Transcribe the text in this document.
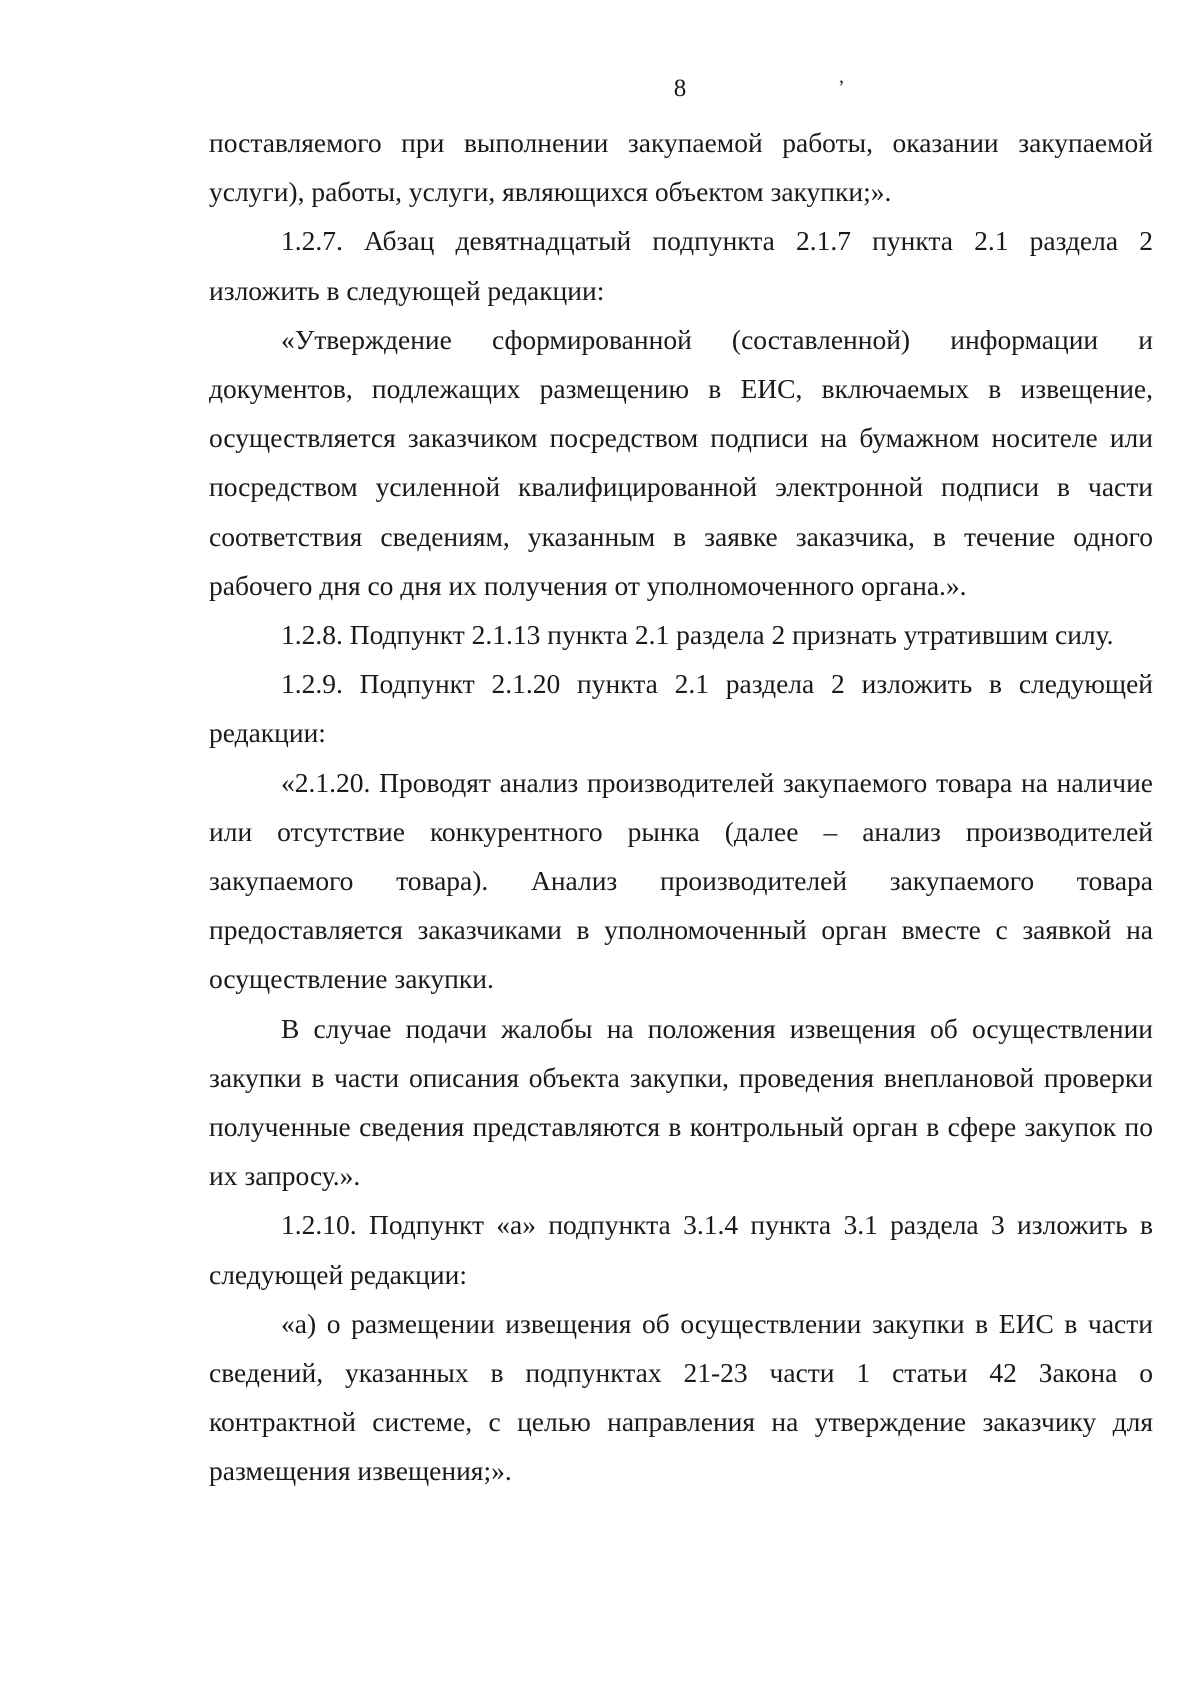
8	ʼ

поставляемого при выполнении закупаемой работы, оказании закупаемой услуги), работы, услуги, являющихся объектом закупки;».

1.2.7. Абзац девятнадцатый подпункта 2.1.7 пункта 2.1 раздела 2 изложить в следующей редакции:

«Утверждение сформированной (составленной) информации и документов, подлежащих размещению в ЕИС, включаемых в извещение, осуществляется заказчиком посредством подписи на бумажном носителе или посредством усиленной квалифицированной электронной подписи в части соответствия сведениям, указанным в заявке заказчика, в течение одного рабочего дня со дня их получения от уполномоченного органа.».

1.2.8. Подпункт 2.1.13 пункта 2.1 раздела 2 признать утратившим силу.

1.2.9. Подпункт 2.1.20 пункта 2.1 раздела 2 изложить в следующей редакции:

«2.1.20. Проводят анализ производителей закупаемого товара на наличие или отсутствие конкурентного рынка (далее – анализ производителей закупаемого товара). Анализ производителей закупаемого товара предоставляется заказчиками в уполномоченный орган вместе с заявкой на осуществление закупки.

В случае подачи жалобы на положения извещения об осуществлении закупки в части описания объекта закупки, проведения внеплановой проверки полученные сведения представляются в контрольный орган в сфере закупок по их запросу.».

1.2.10. Подпункт «а» подпункта 3.1.4 пункта 3.1 раздела 3 изложить в следующей редакции:

«а) о размещении извещения об осуществлении закупки в ЕИС в части сведений, указанных в подпунктах 21-23 части 1 статьи 42 Закона о контрактной системе, с целью направления на утверждение заказчику для размещения извещения;».
